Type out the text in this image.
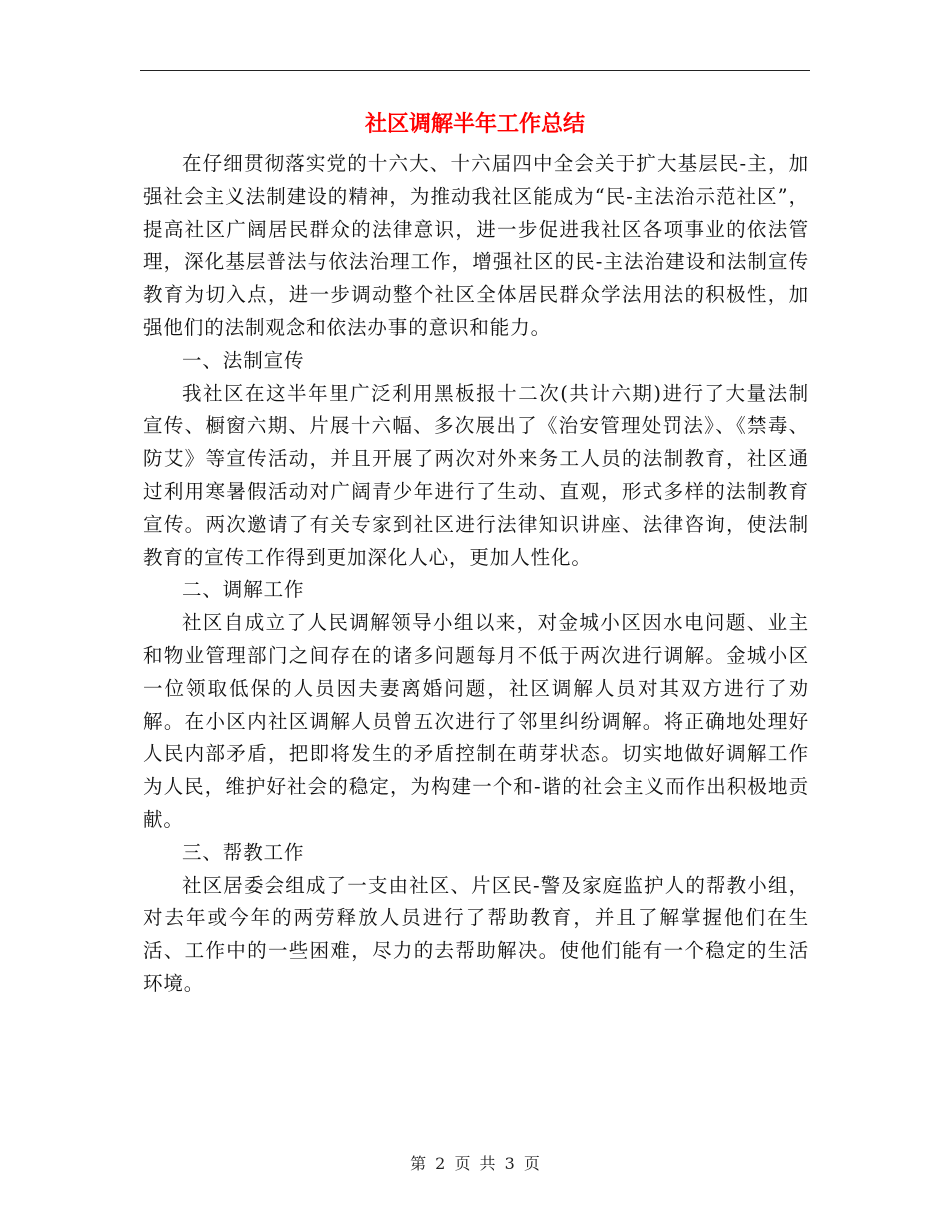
社区调解半年工作总结

在仔细贯彻落实党的十六大、十六届四中全会关于扩大基层民-主，加强社会主义法制建设的精神，为推动我社区能成为“民-主法治示范社区”，提高社区广阔居民群众的法律意识，进一步促进我社区各项事业的依法管理，深化基层普法与依法治理工作，增强社区的民-主法治建设和法制宣传教育为切入点，进一步调动整个社区全体居民群众学法用法的积极性，加强他们的法制观念和依法办事的意识和能力。

一、法制宣传

我社区在这半年里广泛利用黑板报十二次(共计六期)进行了大量法制宣传、橱窗六期、片展十六幅、多次展出了《治安管理处罚法》、《禁毒、防艾》等宣传活动，并且开展了两次对外来务工人员的法制教育，社区通过利用寒暑假活动对广阔青少年进行了生动、直观，形式多样的法制教育宣传。两次邀请了有关专家到社区进行法律知识讲座、法律咨询，使法制教育的宣传工作得到更加深化人心，更加人性化。

二、调解工作

社区自成立了人民调解领导小组以来，对金城小区因水电问题、业主和物业管理部门之间存在的诸多问题每月不低于两次进行调解。金城小区一位领取低保的人员因夫妻离婚问题，社区调解人员对其双方进行了劝解。在小区内社区调解人员曾五次进行了邻里纠纷调解。将正确地处理好人民内部矛盾，把即将发生的矛盾控制在萌芽状态。切实地做好调解工作为人民，维护好社会的稳定，为构建一个和-谐的社会主义而作出积极地贡献。

三、帮教工作

社区居委会组成了一支由社区、片区民-警及家庭监护人的帮教小组，对去年或今年的两劳释放人员进行了帮助教育，并且了解掌握他们在生活、工作中的一些困难，尽力的去帮助解决。使他们能有一个稳定的生活环境。

第 2 页 共 3 页
